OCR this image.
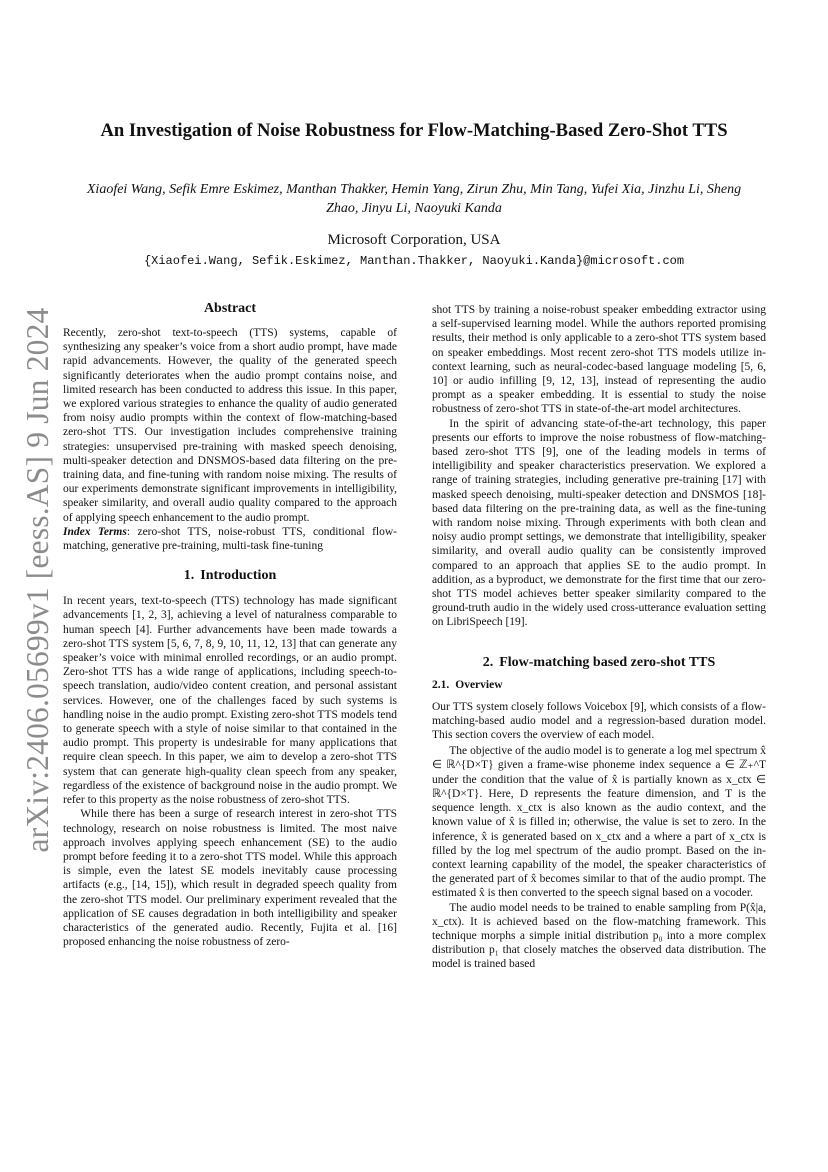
arXiv:2406.05699v1 [eess.AS] 9 Jun 2024
An Investigation of Noise Robustness for Flow-Matching-Based Zero-Shot TTS

Xiaofei Wang, Sefik Emre Eskimez, Manthan Thakker, Hemin Yang, Zirun Zhu, Min Tang, Yufei Xia, Jinzhu Li, Sheng Zhao, Jinyu Li, Naoyuki Kanda

Microsoft Corporation, USA

{Xiaofei.Wang, Sefik.Eskimez, Manthan.Thakker, Naoyuki.Kanda}@microsoft.com

Abstract

Recently, zero-shot text-to-speech (TTS) systems, capable of synthesizing any speaker’s voice from a short audio prompt, have made rapid advancements. However, the quality of the generated speech significantly deteriorates when the audio prompt contains noise, and limited research has been conducted to address this issue. In this paper, we explored various strategies to enhance the quality of audio generated from noisy audio prompts within the context of flow-matching-based zero-shot TTS. Our investigation includes comprehensive training strategies: unsupervised pre-training with masked speech denoising, multi-speaker detection and DNSMOS-based data filtering on the pre-training data, and fine-tuning with random noise mixing. The results of our experiments demonstrate significant improvements in intelligibility, speaker similarity, and overall audio quality compared to the approach of applying speech enhancement to the audio prompt.

Index Terms: zero-shot TTS, noise-robust TTS, conditional flow-matching, generative pre-training, multi-task fine-tuning

1. Introduction

In recent years, text-to-speech (TTS) technology has made significant advancements [1, 2, 3], achieving a level of naturalness comparable to human speech [4]. Further advancements have been made towards a zero-shot TTS system [5, 6, 7, 8, 9, 10, 11, 12, 13] that can generate any speaker’s voice with minimal enrolled recordings, or an audio prompt. Zero-shot TTS has a wide range of applications, including speech-to-speech translation, audio/video content creation, and personal assistant services. However, one of the challenges faced by such systems is handling noise in the audio prompt. Existing zero-shot TTS models tend to generate speech with a style of noise similar to that contained in the audio prompt. This property is undesirable for many applications that require clean speech. In this paper, we aim to develop a zero-shot TTS system that can generate high-quality clean speech from any speaker, regardless of the existence of background noise in the audio prompt. We refer to this property as the noise robustness of zero-shot TTS.

While there has been a surge of research interest in zero-shot TTS technology, research on noise robustness is limited. The most naive approach involves applying speech enhancement (SE) to the audio prompt before feeding it to a zero-shot TTS model. While this approach is simple, even the latest SE models inevitably cause processing artifacts (e.g., [14, 15]), which result in degraded speech quality from the zero-shot TTS model. Our preliminary experiment revealed that the application of SE causes degradation in both intelligibility and speaker characteristics of the generated audio. Recently, Fujita et al. [16] proposed enhancing the noise robustness of zero-

shot TTS by training a noise-robust speaker embedding extractor using a self-supervised learning model. While the authors reported promising results, their method is only applicable to a zero-shot TTS system based on speaker embeddings. Most recent zero-shot TTS models utilize in-context learning, such as neural-codec-based language modeling [5, 6, 10] or audio infilling [9, 12, 13], instead of representing the audio prompt as a speaker embedding. It is essential to study the noise robustness of zero-shot TTS in state-of-the-art model architectures.

In the spirit of advancing state-of-the-art technology, this paper presents our efforts to improve the noise robustness of flow-matching-based zero-shot TTS [9], one of the leading models in terms of intelligibility and speaker characteristics preservation. We explored a range of training strategies, including generative pre-training [17] with masked speech denoising, multi-speaker detection and DNSMOS [18]-based data filtering on the pre-training data, as well as the fine-tuning with random noise mixing. Through experiments with both clean and noisy audio prompt settings, we demonstrate that intelligibility, speaker similarity, and overall audio quality can be consistently improved compared to an approach that applies SE to the audio prompt. In addition, as a byproduct, we demonstrate for the first time that our zero-shot TTS model achieves better speaker similarity compared to the ground-truth audio in the widely used cross-utterance evaluation setting on LibriSpeech [19].

2. Flow-matching based zero-shot TTS
2.1. Overview

Our TTS system closely follows Voicebox [9], which consists of a flow-matching-based audio model and a regression-based duration model. This section covers the overview of each model.

The objective of the audio model is to generate a log mel spectrum x̂ ∈ ℝ^{D×T} given a frame-wise phoneme index sequence a ∈ ℤ₊^T under the condition that the value of x̂ is partially known as x_ctx ∈ ℝ^{D×T}. Here, D represents the feature dimension, and T is the sequence length. x_ctx is also known as the audio context, and the known value of x̂ is filled in; otherwise, the value is set to zero. In the inference, x̂ is generated based on x_ctx and a where a part of x_ctx is filled by the log mel spectrum of the audio prompt. Based on the in-context learning capability of the model, the speaker characteristics of the generated part of x̂ becomes similar to that of the audio prompt. The estimated x̂ is then converted to the speech signal based on a vocoder.

The audio model needs to be trained to enable sampling from P(x̂|a, x_ctx). It is achieved based on the flow-matching framework. This technique morphs a simple initial distribution p₀ into a more complex distribution p₁ that closely matches the observed data distribution. The model is trained based
